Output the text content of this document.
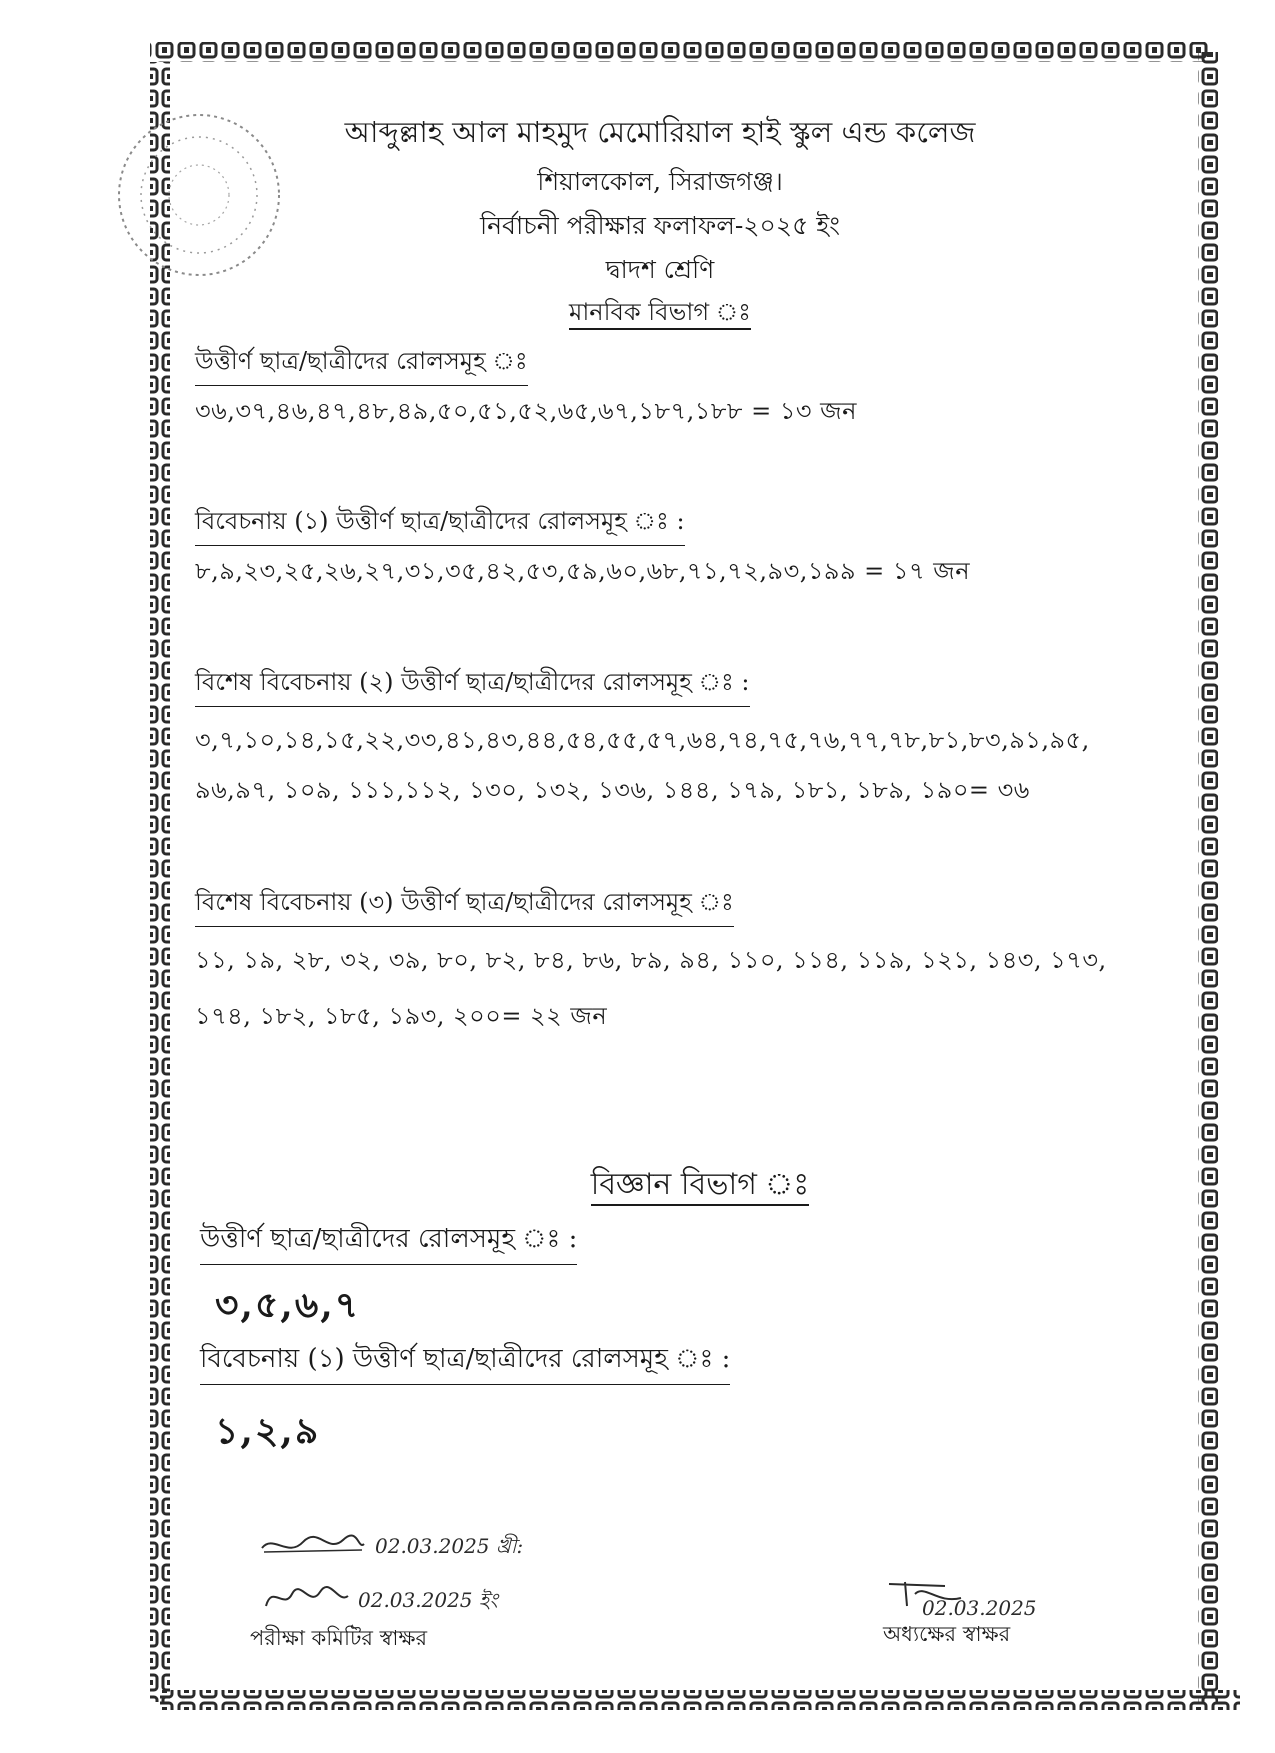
আব্দুল্লাহ আল মাহমুদ মেমোরিয়াল হাই স্কুল এন্ড কলেজ
শিয়ালকোল, সিরাজগঞ্জ।
নির্বাচনী পরীক্ষার ফলাফল-২০২৫ ইং
দ্বাদশ শ্রেণি
মানবিক বিভাগ ঃ
উত্তীর্ণ ছাত্র/ছাত্রীদের রোলসমূহ ঃ
৩৬,৩৭,৪৬,৪৭,৪৮,৪৯,৫০,৫১,৫২,৬৫,৬৭,১৮৭,১৮৮ = ১৩ জন
বিবেচনায় (১) উত্তীর্ণ ছাত্র/ছাত্রীদের রোলসমূহ ঃ :
৮,৯,২৩,২৫,২৬,২৭,৩১,৩৫,৪২,৫৩,৫৯,৬০,৬৮,৭১,৭২,৯৩,১৯৯ = ১৭ জন
বিশেষ বিবেচনায় (২) উত্তীর্ণ ছাত্র/ছাত্রীদের রোলসমূহ ঃ :
৩,৭,১০,১৪,১৫,২২,৩৩,৪১,৪৩,৪৪,৫৪,৫৫,৫৭,৬৪,৭৪,৭৫,৭৬,৭৭,৭৮,৮১,৮৩,৯১,৯৫,
৯৬,৯৭, ১০৯, ১১১,১১২, ১৩০, ১৩২, ১৩৬, ১৪৪, ১৭৯, ১৮১, ১৮৯, ১৯০= ৩৬
বিশেষ বিবেচনায় (৩) উত্তীর্ণ ছাত্র/ছাত্রীদের রোলসমূহ ঃ
১১, ১৯, ২৮, ৩২, ৩৯, ৮০, ৮২, ৮৪, ৮৬, ৮৯, ৯৪, ১১০, ১১৪, ১১৯, ১২১, ১৪৩, ১৭৩,
১৭৪, ১৮২, ১৮৫, ১৯৩, ২০০= ২২ জন
বিজ্ঞান বিভাগ ঃ
উত্তীর্ণ ছাত্র/ছাত্রীদের রোলসমূহ ঃ :
৩,৫,৬,৭
বিবেচনায় (১) উত্তীর্ণ ছাত্র/ছাত্রীদের রোলসমূহ ঃ :
১,২,৯
02.03.2025 খ্রী:
02.03.2025 ইং
পরীক্ষা কমিটির স্বাক্ষর
02.03.2025
অধ্যক্ষের স্বাক্ষর
